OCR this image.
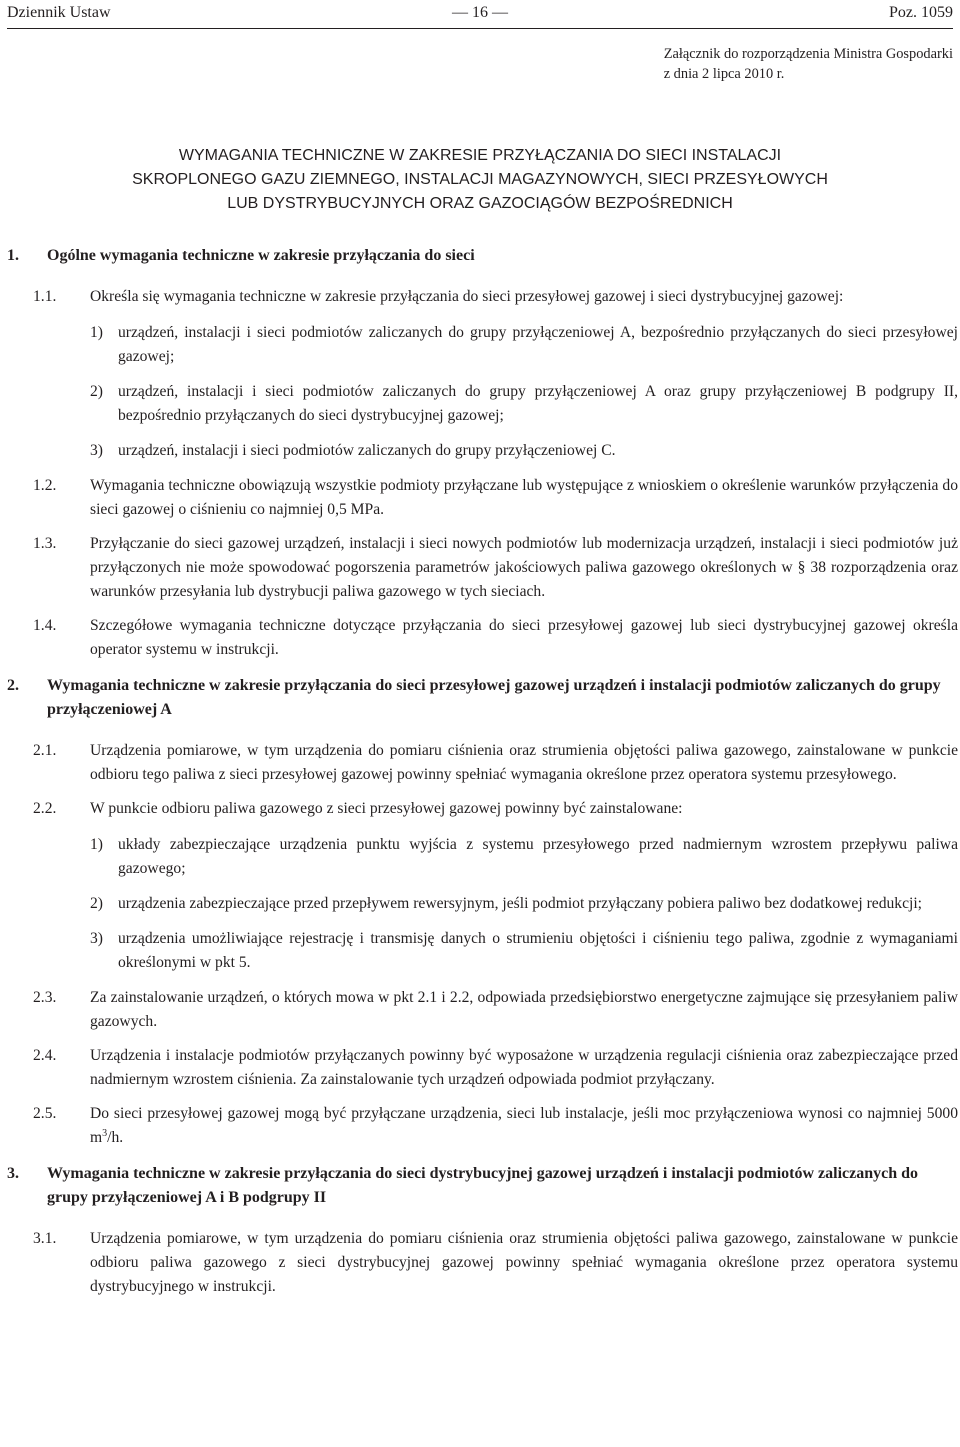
Dziennik Ustaw	— 16 —	Poz. 1059
Załącznik do rozporządzenia Ministra Gospodarki
z dnia 2 lipca 2010 r.
WYMAGANIA TECHNICZNE W ZAKRESIE PRZYŁĄCZANIA DO SIECI INSTALACJI
SKROPLONEGO GAZU ZIEMNEGO, INSTALACJI MAGAZYNOWYCH, SIECI PRZESYŁOWYCH
LUB DYSTRYBUCYJNYCH ORAZ GAZOCIĄGÓW BEZPOŚREDNICH
1. Ogólne wymagania techniczne w zakresie przyłączania do sieci
1.1. Określa się wymagania techniczne w zakresie przyłączania do sieci przesyłowej gazowej i sieci dystrybucyjnej gazowej:
1) urządzeń, instalacji i sieci podmiotów zaliczanych do grupy przyłączeniowej A, bezpośrednio przyłączanych do sieci przesyłowej gazowej;
2) urządzeń, instalacji i sieci podmiotów zaliczanych do grupy przyłączeniowej A oraz grupy przyłączeniowej B podgrupy II, bezpośrednio przyłączanych do sieci dystrybucyjnej gazowej;
3) urządzeń, instalacji i sieci podmiotów zaliczanych do grupy przyłączeniowej C.
1.2. Wymagania techniczne obowiązują wszystkie podmioty przyłączane lub występujące z wnioskiem o określenie warunków przyłączenia do sieci gazowej o ciśnieniu co najmniej 0,5 MPa.
1.3. Przyłączanie do sieci gazowej urządzeń, instalacji i sieci nowych podmiotów lub modernizacja urządzeń, instalacji i sieci podmiotów już przyłączonych nie może spowodować pogorszenia parametrów jakościowych paliwa gazowego określonych w § 38 rozporządzenia oraz warunków przesyłania lub dystrybucji paliwa gazowego w tych sieciach.
1.4. Szczegółowe wymagania techniczne dotyczące przyłączania do sieci przesyłowej gazowej lub sieci dystrybucyjnej gazowej określa operator systemu w instrukcji.
2. Wymagania techniczne w zakresie przyłączania do sieci przesyłowej gazowej urządzeń i instalacji podmiotów zaliczanych do grupy przyłączeniowej A
2.1. Urządzenia pomiarowe, w tym urządzenia do pomiaru ciśnienia oraz strumienia objętości paliwa gazowego, zainstalowane w punkcie odbioru tego paliwa z sieci przesyłowej gazowej powinny spełniać wymagania określone przez operatora systemu przesyłowego.
2.2. W punkcie odbioru paliwa gazowego z sieci przesyłowej gazowej powinny być zainstalowane:
1) układy zabezpieczające urządzenia punktu wyjścia z systemu przesyłowego przed nadmiernym wzrostem przepływu paliwa gazowego;
2) urządzenia zabezpieczające przed przepływem rewersyjnym, jeśli podmiot przyłączany pobiera paliwo bez dodatkowej redukcji;
3) urządzenia umożliwiające rejestrację i transmisję danych o strumieniu objętości i ciśnieniu tego paliwa, zgodnie z wymaganiami określonymi w pkt 5.
2.3. Za zainstalowanie urządzeń, o których mowa w pkt 2.1 i 2.2, odpowiada przedsiębiorstwo energetyczne zajmujące się przesyłaniem paliw gazowych.
2.4. Urządzenia i instalacje podmiotów przyłączanych powinny być wyposażone w urządzenia regulacji ciśnienia oraz zabezpieczające przed nadmiernym wzrostem ciśnienia. Za zainstalowanie tych urządzeń odpowiada podmiot przyłączany.
2.5. Do sieci przesyłowej gazowej mogą być przyłączane urządzenia, sieci lub instalacje, jeśli moc przyłączeniowa wynosi co najmniej 5000 $m^3/h$.
3. Wymagania techniczne w zakresie przyłączania do sieci dystrybucyjnej gazowej urządzeń i instalacji podmiotów zaliczanych do grupy przyłączeniowej A i B podgrupy II
3.1. Urządzenia pomiarowe, w tym urządzenia do pomiaru ciśnienia oraz strumienia objętości paliwa gazowego, zainstalowane w punkcie odbioru paliwa gazowego z sieci dystrybucyjnej gazowej powinny spełniać wymagania określone przez operatora systemu dystrybucyjnego w instrukcji.
